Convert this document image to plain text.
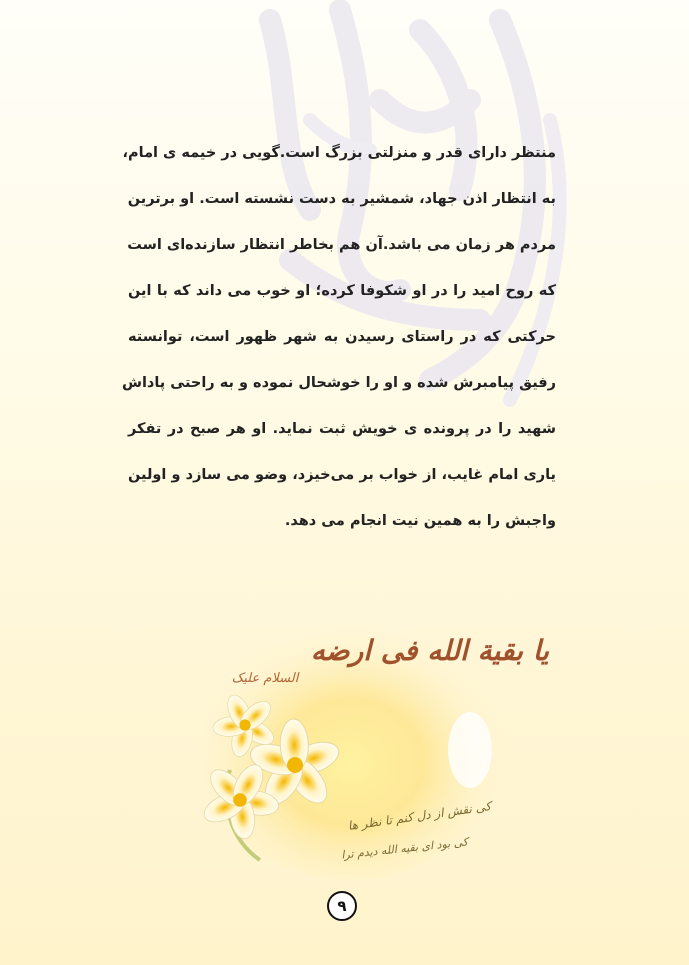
منتظر دارای قدر و منزلتی بزرگ است.گویی در خیمه ی امام،
به انتظار اذن جهاد، شمشیر به دست نشسته است. او برترین
مردم هر زمان می باشد.آن هم بخاطر انتظار سازنده‌ای است
که روح امید را در او شکوفا کرده؛ او خوب می داند که با این
حرکتی که در راستای رسیدن به شهر ظهور است، توانسته
رفیق پیامبرش شده و او را خوشحال نموده و به راحتی پاداش
شهید را در پرونده ی خویش ثبت نماید. او هر صبح در تفکر
یاری امام غایب، از خواب بر می‌خیزد، وضو می سازد و اولین
واجبش را به همین نیت انجام می دهد.
یا بقیة الله فی ارضه
السلام علیک
کی نقش از دل کنم تا نظر ها
کی بود ای بقیه الله دیدم ترا
۹
